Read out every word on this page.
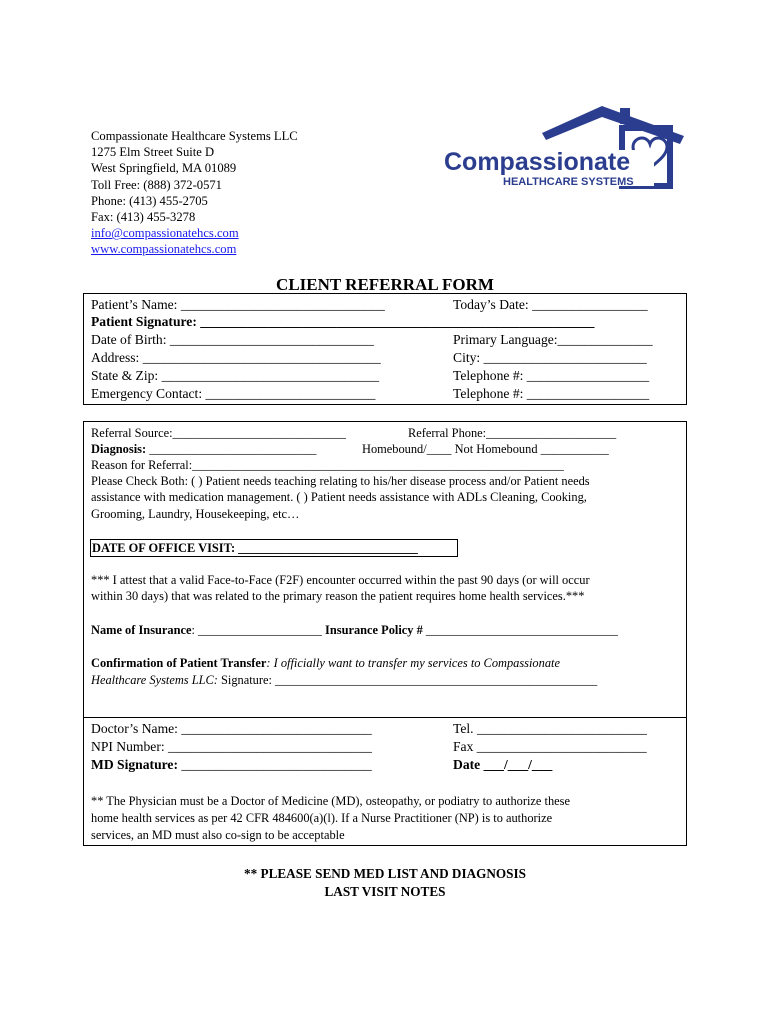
Compassionate Healthcare Systems LLC
1275 Elm Street Suite D
West Springfield, MA 01089
Toll Free: (888) 372-0571
Phone: (413) 455-2705
Fax: (413) 455-3278
info@compassionatehcs.com
www.compassionatehcs.com
Compassionate
HEALTHCARE SYSTEMS
CLIENT REFERRAL FORM
Patient’s Name: ______________________________	Today’s Date: _________________
Patient Signature: __________________________________________________________
Date of Birth: ______________________________	Primary Language:______________
Address: ___________________________________	City: ________________________
State & Zip: ________________________________	Telephone #: __________________
Emergency Contact: _________________________	Telephone #: __________________
Referral Source:____________________________	Referral Phone:_____________________
Diagnosis: ___________________________	Homebound/____ Not Homebound ___________
Reason for Referral:____________________________________________________________
Please Check Both: ( ) Patient needs teaching relating to his/her disease process and/or Patient needs
assistance with medication management. ( ) Patient needs assistance with ADLs Cleaning, Cooking,
Grooming, Laundry, Housekeeping, etc…
DATE OF OFFICE VISIT: _____________________________
*** I attest that a valid Face-to-Face (F2F) encounter occurred within the past 90 days (or will occur
within 30 days) that was related to the primary reason the patient requires home health services.***
Name of Insurance: ____________________ Insurance Policy # _______________________________
Confirmation of Patient Transfer: I officially want to transfer my services to Compassionate
Healthcare Systems LLC: Signature: ____________________________________________________
Doctor’s Name: ____________________________	Tel. _________________________
NPI Number: ______________________________	Fax _________________________
MD Signature: ____________________________	Date ___/___/___
** The Physician must be a Doctor of Medicine (MD), osteopathy, or podiatry to authorize these
home health services as per 42 CFR 484600(a)(l). If a Nurse Practitioner (NP) is to authorize
services, an MD must also co-sign to be acceptable
** PLEASE SEND MED LIST AND DIAGNOSIS
LAST VISIT NOTES
